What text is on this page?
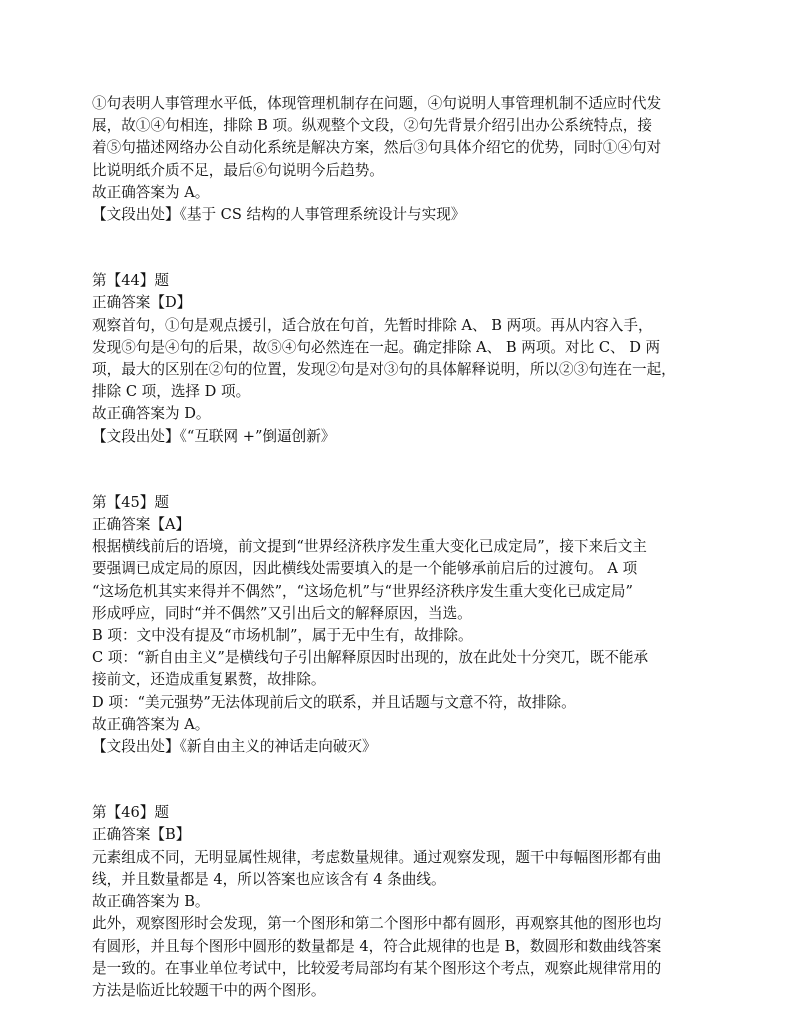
①句表明人事管理水平低，体现管理机制存在问题，④句说明人事管理机制不适应时代发
展，故①④句相连，排除 B 项。纵观整个文段，②句先背景介绍引出办公系统特点，接
着⑤句描述网络办公自动化系统是解决方案，然后③句具体介绍它的优势，同时①④句对
比说明纸介质不足，最后⑥句说明今后趋势。
故正确答案为 A。
【文段出处】《基于 CS 结构的人事管理系统设计与实现》
第【44】题
正确答案【D】
观察首句，①句是观点援引，适合放在句首，先暂时排除 A、 B 两项。再从内容入手，
发现⑤句是④句的后果，故⑤④句必然连在一起。确定排除 A、 B 两项。对比 C、 D 两
项，最大的区别在②句的位置，发现②句是对③句的具体解释说明，所以②③句连在一起，
排除 C 项，选择 D 项。
故正确答案为 D。
【文段出处】《“互联网 +”倒逼创新》
第【45】题
正确答案【A】
根据横线前后的语境，前文提到“世界经济秩序发生重大变化已成定局”，接下来后文主
要强调已成定局的原因，因此横线处需要填入的是一个能够承前启后的过渡句。 A 项
“这场危机其实来得并不偶然”，“这场危机”与“世界经济秩序发生重大变化已成定局”
形成呼应，同时“并不偶然”又引出后文的解释原因，当选。
B 项：文中没有提及“市场机制”，属于无中生有，故排除。
C 项：“新自由主义”是横线句子引出解释原因时出现的，放在此处十分突兀，既不能承
接前文，还造成重复累赘，故排除。
D 项：“美元强势”无法体现前后文的联系，并且话题与文意不符，故排除。
故正确答案为 A。
【文段出处】《新自由主义的神话走向破灭》
第【46】题
正确答案【B】
元素组成不同，无明显属性规律，考虑数量规律。通过观察发现，题干中每幅图形都有曲
线，并且数量都是 4，所以答案也应该含有 4 条曲线。
故正确答案为 B。
此外，观察图形时会发现，第一个图形和第二个图形中都有圆形，再观察其他的图形也均
有圆形，并且每个图形中圆形的数量都是 4，符合此规律的也是 B，数圆形和数曲线答案
是一致的。在事业单位考试中，比较爱考局部均有某个图形这个考点，观察此规律常用的
方法是临近比较题干中的两个图形。
